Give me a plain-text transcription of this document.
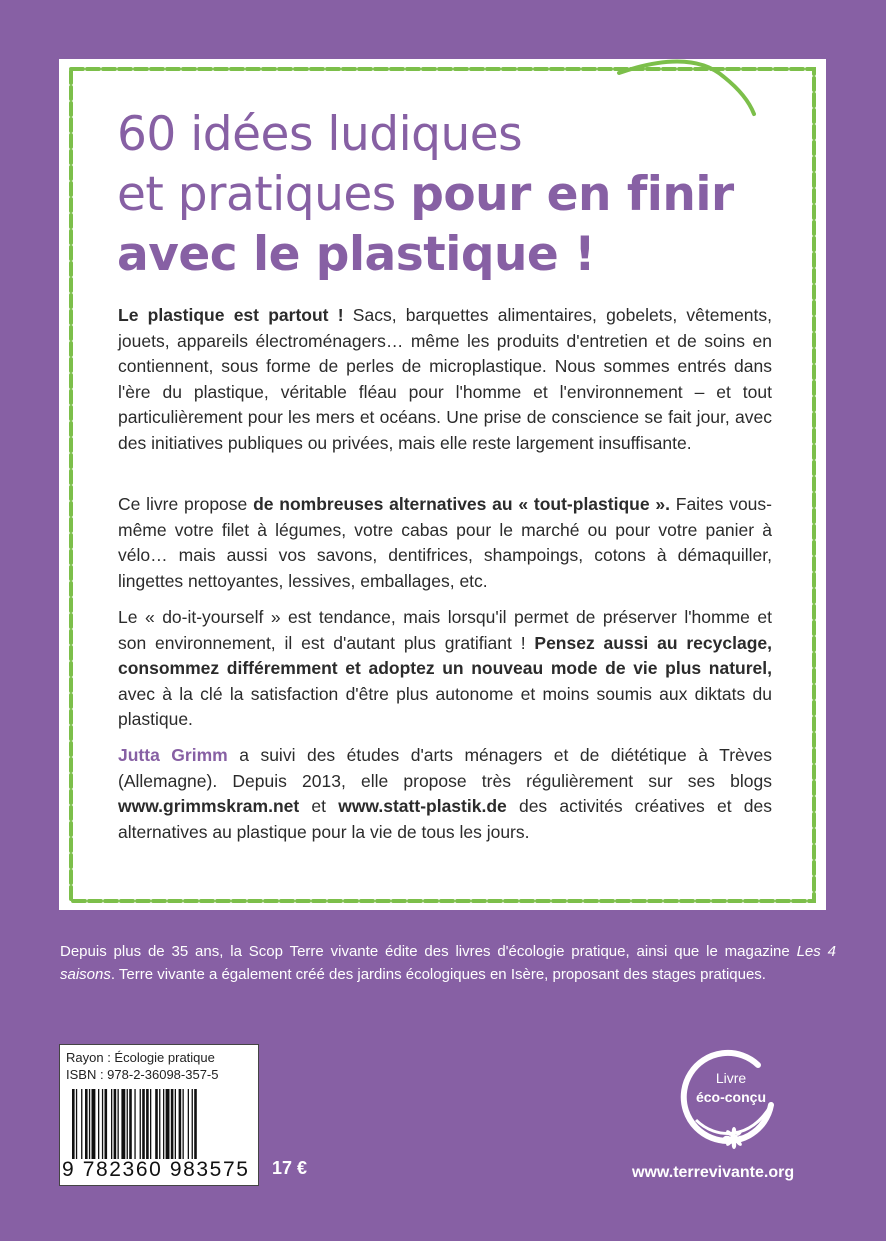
60 idées ludiques
et pratiques pour en finir
avec le plastique !

Le plastique est partout ! Sacs, barquettes alimentaires, gobelets, vêtements, jouets, appareils électroménagers… même les produits d'entretien et de soins en contiennent, sous forme de perles de microplastique. Nous sommes entrés dans l'ère du plastique, véritable fléau pour l'homme et l'environnement – et tout particulièrement pour les mers et océans. Une prise de conscience se fait jour, avec des initiatives publiques ou privées, mais elle reste largement insuffisante.

Ce livre propose de nombreuses alternatives au « tout-plastique ». Faites vous-même votre filet à légumes, votre cabas pour le marché ou pour votre panier à vélo… mais aussi vos savons, dentifrices, shampoings, cotons à démaquiller, lingettes nettoyantes, lessives, emballages, etc.

Le « do-it-yourself » est tendance, mais lorsqu'il permet de préserver l'homme et son environnement, il est d'autant plus gratifiant ! Pensez aussi au recyclage, consommez différemment et adoptez un nouveau mode de vie plus naturel, avec à la clé la satisfaction d'être plus autonome et moins soumis aux diktats du plastique.

Jutta Grimm a suivi des études d'arts ménagers et de diététique à Trèves (Allemagne). Depuis 2013, elle propose très régulièrement sur ses blogs www.grimmskram.net et www.statt-plastik.de des activités créatives et des alternatives au plastique pour la vie de tous les jours.

Depuis plus de 35 ans, la Scop Terre vivante édite des livres d'écologie pratique, ainsi que le magazine Les 4 saisons. Terre vivante a également créé des jardins écologiques en Isère, proposant des stages pratiques.

Rayon : Écologie pratique
ISBN : 978-2-36098-357-5
9 782360 983575 17 €
Livre
éco-conçu
www.terrevivante.org
